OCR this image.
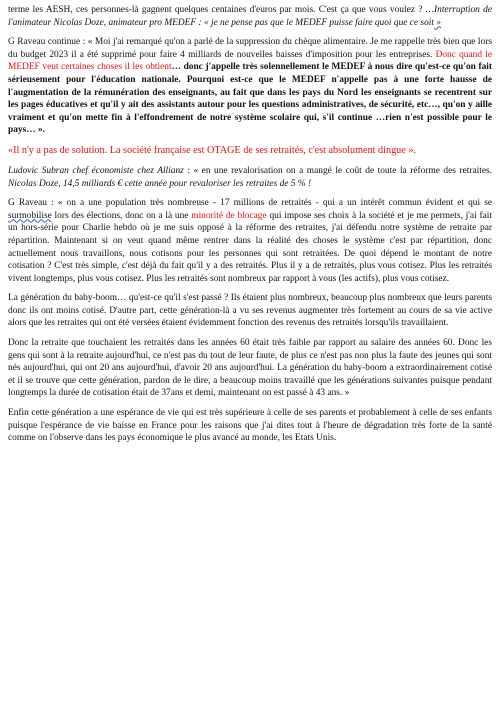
terme les AESH, ces personnes-là gagnent quelques centaines d'euros par mois. C'est ça que vous voulez ? …Interruption de l'animateur Nicolas Doze, animateur pro MEDEF : « je ne pense pas que le MEDEF puisse faire quoi que ce soit »

G Raveau continue : « Moi j'ai remarqué qu'on a parlé de la suppression du chèque alimentaire. Je me rappelle très bien que lors du budget 2023 il a été supprimé pour faire 4 milliards de nouvelles baisses d'imposition pour les entreprises. Donc quand le MEDEF veut certaines choses il les obtient… donc j'appelle très solennellement le MEDEF à nous dire qu'est-ce qu'on fait sérieusement pour l'éducation nationale. Pourquoi est-ce que le MEDEF n'appelle pas à une forte hausse de l'augmentation de la rémunération des enseignants, au fait que dans les pays du Nord les enseignants se recentrent sur les pages éducatives et qu'il y ait des assistants autour pour les questions administratives, de sécurité, etc…, qu'on y aille vraiment et qu'on mette fin à l'effondrement de notre système scolaire qui, s'il continue …rien n'est possible pour le pays… ».

«Il n'y a pas de solution. La société française est OTAGE de ses retraités, c'est absolument dingue ».

Ludovic Subran chef économiste chez Allianz : « en une revalorisation on a mangé le coût de toute la réforme des retraites. Nicolas Doze, 14,5 milliards € cette année pour revaloriser les retraites de 5 % !

G Raveau : « on a une population très nombreuse - 17 millions de retraités - qui a un intérêt commun évident et qui se surmobilise lors des élections, donc on a là une minorité de blocage qui impose ses choix à la société et je me permets, j'ai fait un hors-série pour Charlie hebdo où je me suis opposé à la réforme des retraites, j'ai défendu notre système de retraite par répartition. Maintenant si on veut quand même rentrer dans la réalité des choses le système c'est par répartition, donc actuellement nous travaillons, nous cotisons pour les personnes qui sont retraitées. De quoi dépend le montant de notre cotisation ? C'est très simple, c'est déjà du fait qu'il y a des retraités. Plus il y a de retraités, plus vous cotisez. Plus les retraités vivent longtemps, plus vous cotisez. Plus les retraités sont nombreux par rapport à vous (les actifs), plus vous cotisez.

La génération du baby-boom… qu'est-ce qu'il s'est passé ? Ils étaient plus nombreux, beaucoup plus nombreux que leurs parents donc ils ont moins cotisé. D'autre part, cette génération-là a vu ses revenus augmenter très fortement au cours de sa vie active alors que les retraites qui ont été versées étaient évidemment fonction des revenus des retraités lorsqu'ils travaillaient.

Donc la retraite que touchaient les retraités dans les années 60 était très faible par rapport au salaire des années 60. Donc les gens qui sont à la retraite aujourd'hui, ce n'est pas du tout de leur faute, de plus ce n'est pas non plus la faute des jeunes qui sont nés aujourd'hui, qui ont 20 ans aujourd'hui, d'avoir 20 ans aujourd'hui. La génération du baby-boom a extraordinairement cotisé et il se trouve que cette génération, pardon de le dire, a beaucoup moins travaillé que les générations suivantes puisque pendant longtemps la durée de cotisation était de 37ans et demi, maintenant on est passé à 43 ans. »

Enfin cette génération a une espérance de vie qui est très supérieure à celle de ses parents et probablement à celle de ses enfants puisque l'espérance de vie baisse en France pour les raisons que j'ai dites tout à l'heure de dégradation très forte de la santé comme on l'observe dans les pays économique le plus avancé au monde, les Etats Unis.
